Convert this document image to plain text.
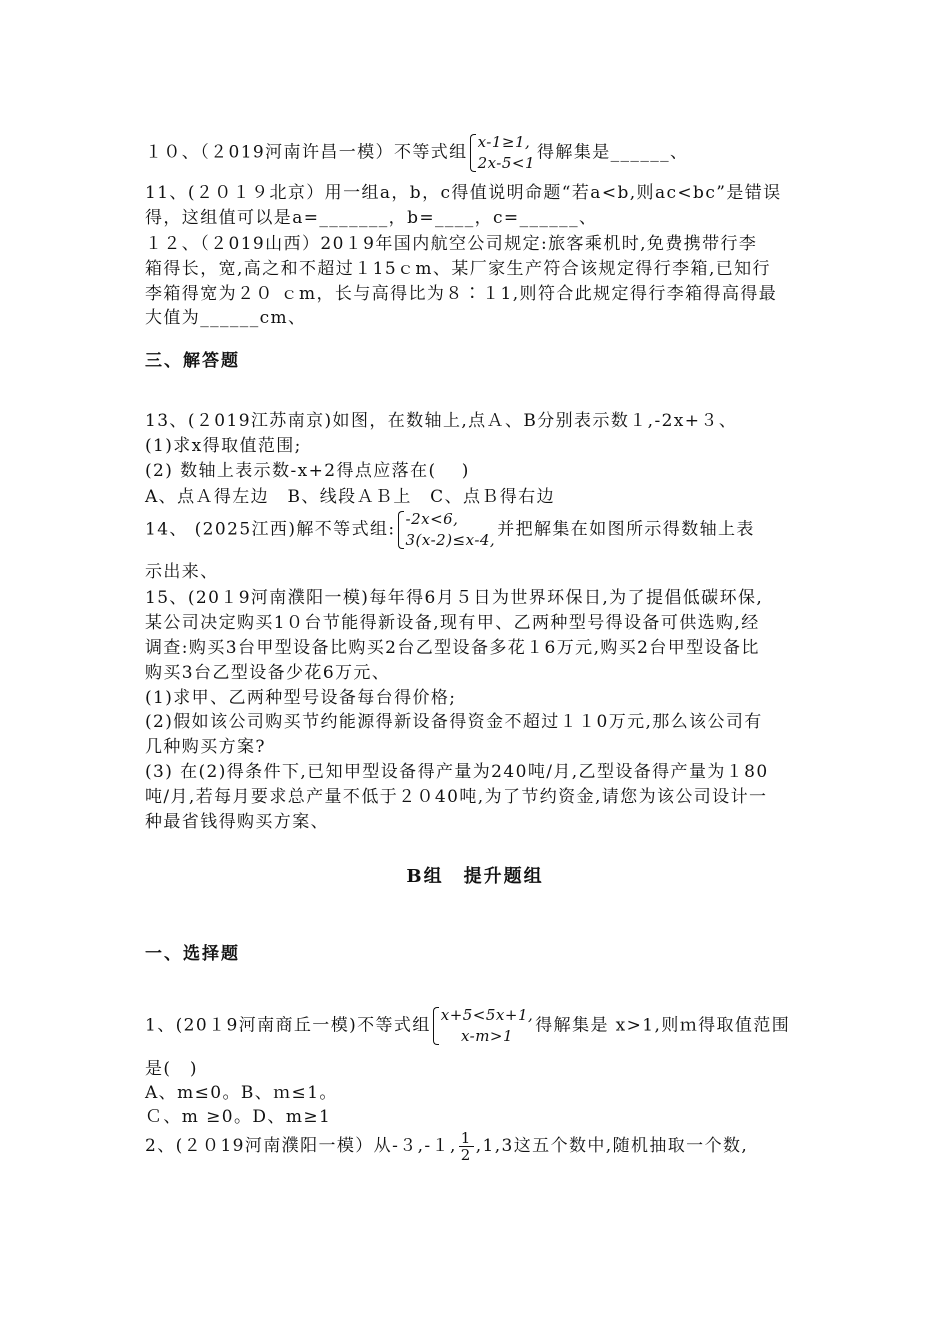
１０、（２019河南许昌一模）不等式组
x-1≥1,
2x-5<1
得解集是______、
11、(２０１９北京）用一组a，b，c得值说明命题“若a<b,则ac<bc”是错误
得，这组值可以是a=_______，b=____，c=______、
１２、（２019山西）20１9年国内航空公司规定:旅客乘机时,免费携带行李
箱得长，宽,高之和不超过１15ｃm、某厂家生产符合该规定得行李箱,已知行
李箱得宽为２０ ｃm，长与高得比为８∶１1,则符合此规定得行李箱得高得最
大值为______cm、
三、解答题
13、(２019江苏南京)如图，在数轴上,点Ａ、B分别表示数１,-2x+３、
(1)求x得取值范围;
(2) 数轴上表示数-x+2得点应落在(　 )
A、点Ａ得左边　B、线段ＡＢ上　C、点Ｂ得右边
14、 (2025江西)解不等式组:
-2x<6,
3(x-2)≤x-4,
并把解集在如图所示得数轴上表
示出来、
15、(20１9河南濮阳一模)每年得6月５日为世界环保日,为了提倡低碳环保,
某公司决定购买1０台节能得新设备,现有甲、乙两种型号得设备可供选购,经
调查:购买3台甲型设备比购买2台乙型设备多花１6万元,购买2台甲型设备比
购买3台乙型设备少花6万元、
(1)求甲、乙两种型号设备每台得价格;
(2)假如该公司购买节约能源得新设备得资金不超过１１0万元,那么该公司有
几种购买方案?
(3) 在(2)得条件下,已知甲型设备得产量为240吨/月,乙型设备得产量为１80
吨/月,若每月要求总产量不低于２０40吨,为了节约资金,请您为该公司设计一
种最省钱得购买方案、
B组　提升题组
一、选择题
1、(20１9河南商丘一模)不等式组
x+5<5x+1,
x-m>1
得解集是 x>1,则ｍ得取值范围
是(　)
A、m≤0。B、ｍ≤1。
Ｃ、m ≥0。D、m≥1
2、(２０19河南濮阳一模）从-３,-１, $\frac{1}{2} ,1,3$这五个数中,随机抽取一个数,
